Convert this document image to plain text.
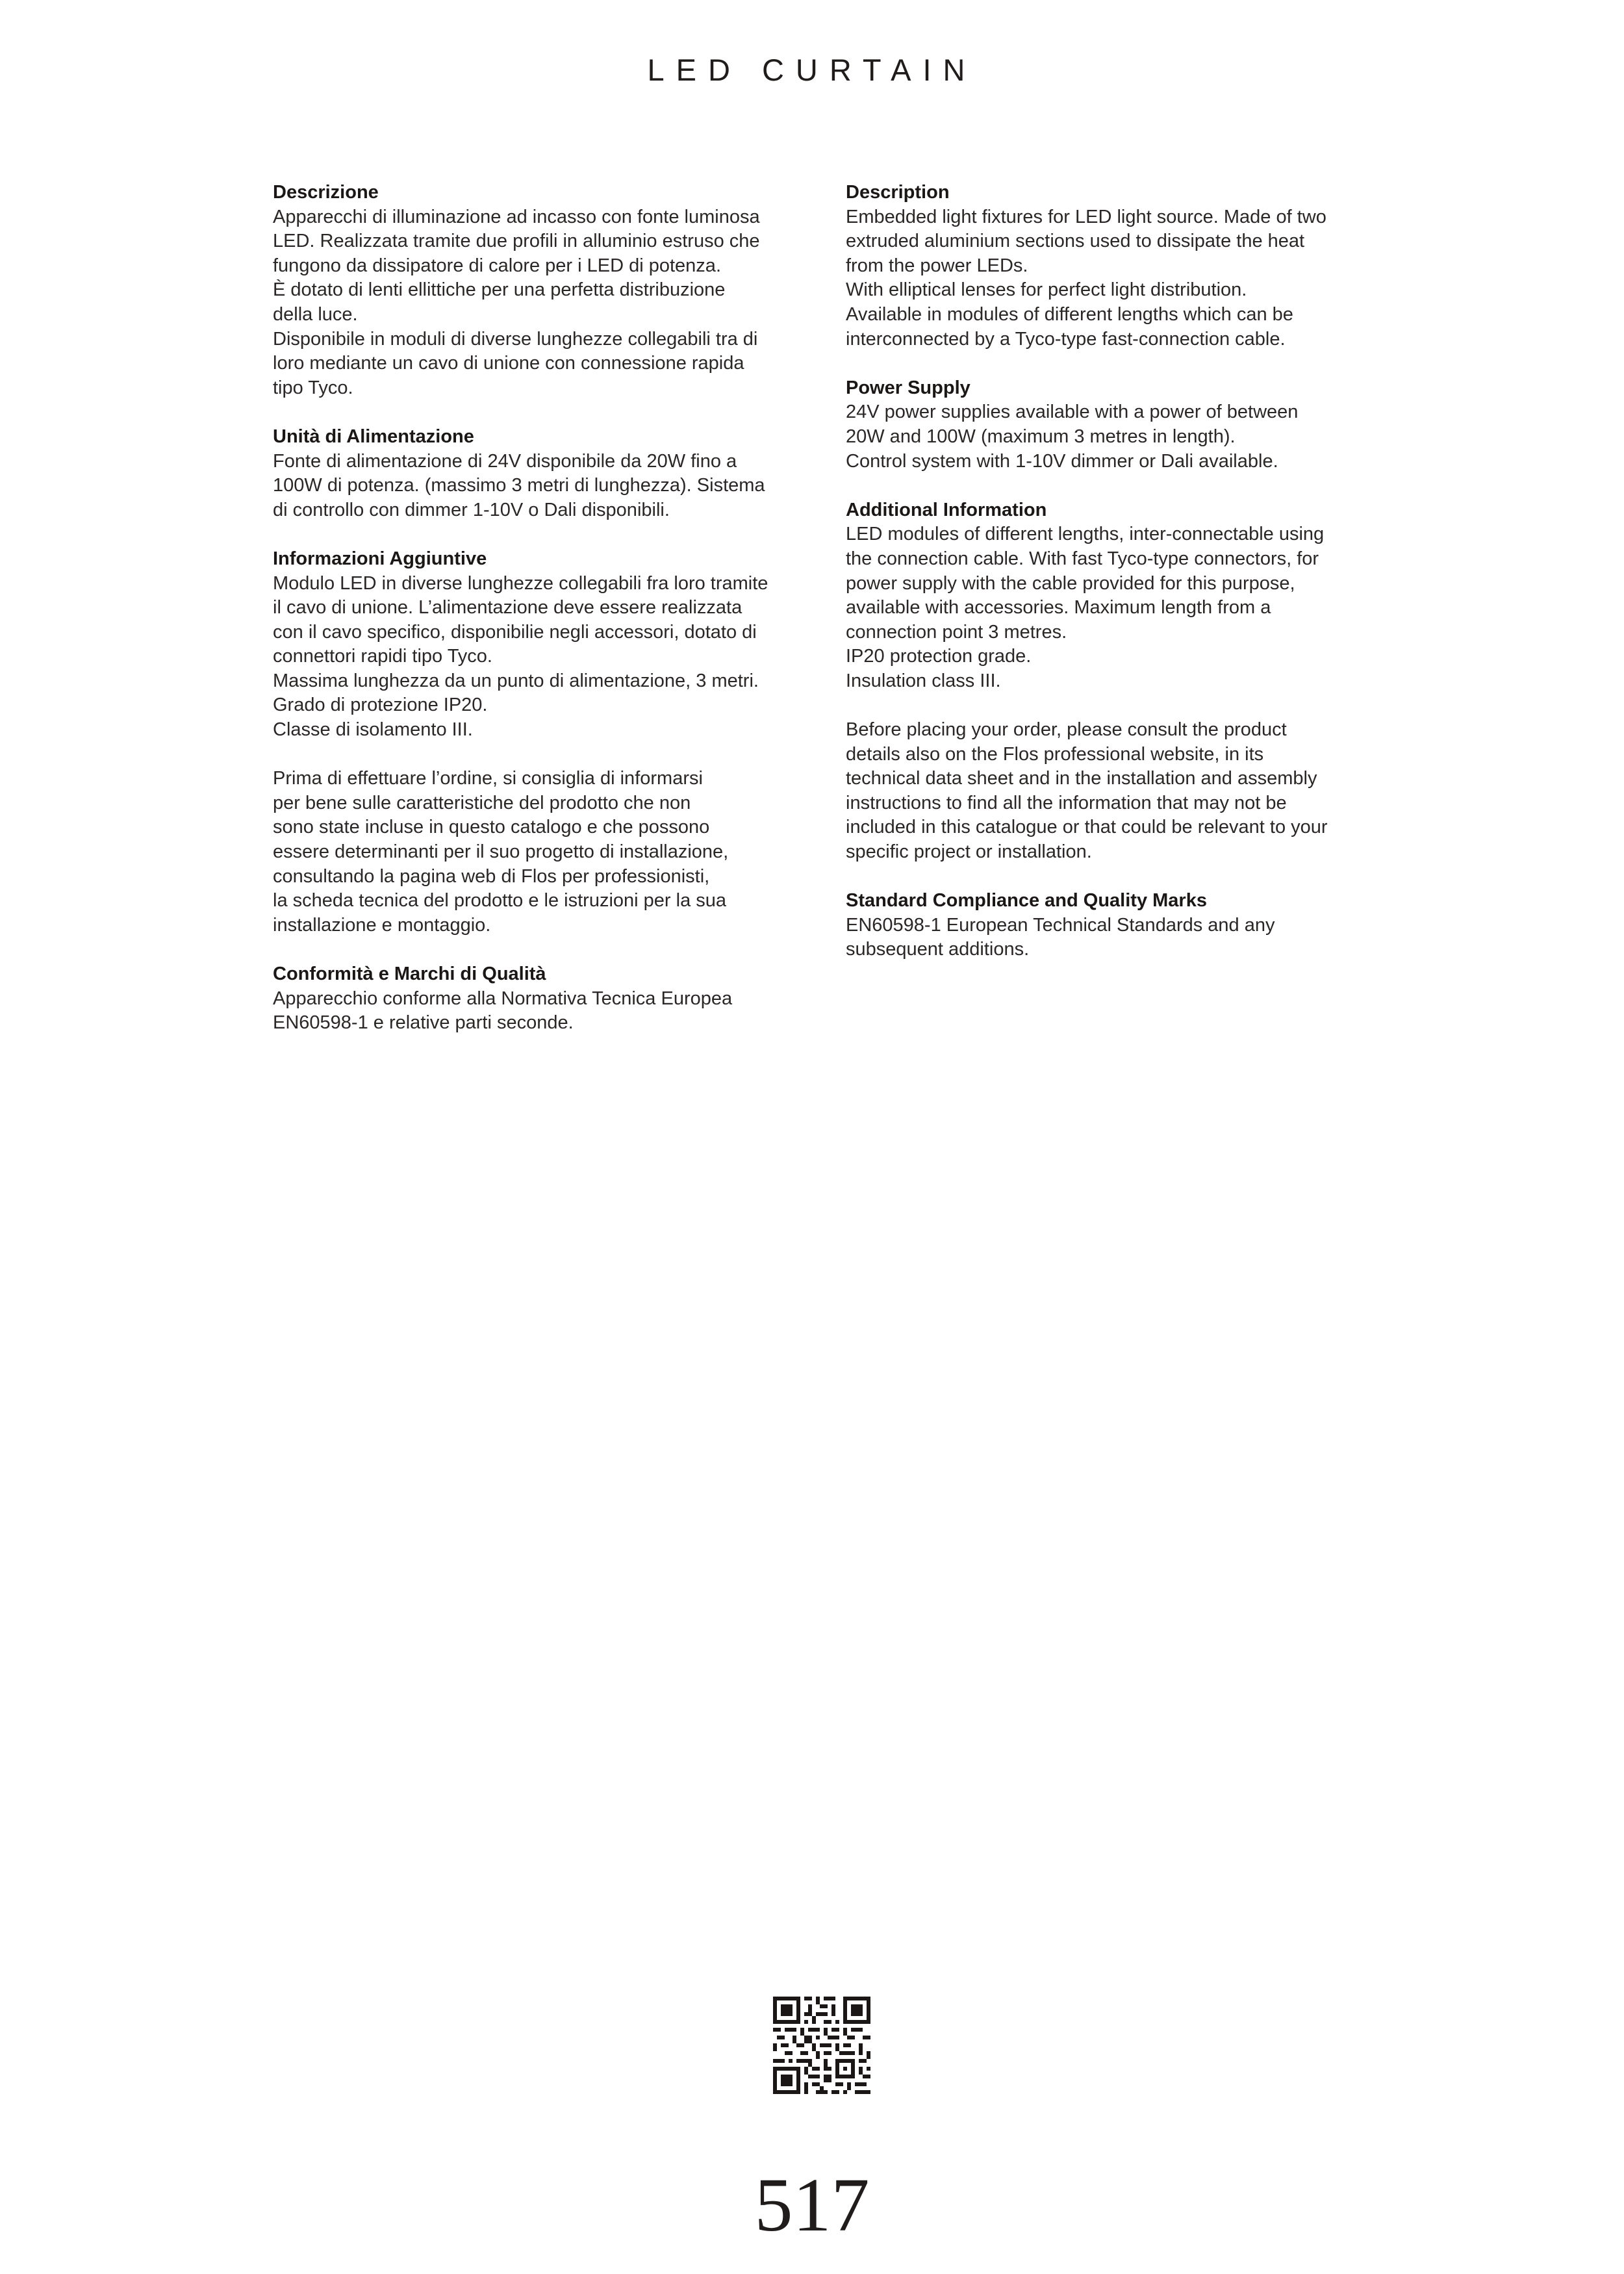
LED CURTAIN
Descrizione
Apparecchi di illuminazione ad incasso con fonte luminosa
LED. Realizzata tramite due profili in alluminio estruso che
fungono da dissipatore di calore per i LED di potenza.
È dotato di lenti ellittiche per una perfetta distribuzione
della luce.
Disponibile in moduli di diverse lunghezze collegabili tra di
loro mediante un cavo di unione con connessione rapida
tipo Tyco.
Unità di Alimentazione
Fonte di alimentazione di 24V disponibile da 20W fino a
100W di potenza. (massimo 3 metri di lunghezza). Sistema
di controllo con dimmer 1-10V o Dali disponibili.
Informazioni Aggiuntive
Modulo LED in diverse lunghezze collegabili fra loro tramite
il cavo di unione. L’alimentazione deve essere realizzata
con il cavo specifico, disponibilie negli accessori, dotato di
connettori rapidi tipo Tyco.
Massima lunghezza da un punto di alimentazione, 3 metri.
Grado di protezione IP20.
Classe di isolamento III.
Prima di effettuare l’ordine, si consiglia di informarsi
per bene sulle caratteristiche del prodotto che non
sono state incluse in questo catalogo e che possono
essere determinanti per il suo progetto di installazione,
consultando la pagina web di Flos per professionisti,
la scheda tecnica del prodotto e le istruzioni per la sua
installazione e montaggio.
Conformità e Marchi di Qualità
Apparecchio conforme alla Normativa Tecnica Europea
EN60598-1 e relative parti seconde.
Description
Embedded light fixtures for LED light source. Made of two
extruded aluminium sections used to dissipate the heat
from the power LEDs.
With elliptical lenses for perfect light distribution.
Available in modules of different lengths which can be
interconnected by a Tyco-type fast-connection cable.
Power Supply
24V power supplies available with a power of between
20W and 100W (maximum 3 metres in length).
Control system with 1-10V dimmer or Dali available.
Additional Information
LED modules of different lengths, inter-connectable using
the connection cable. With fast Tyco-type connectors, for
power supply with the cable provided for this purpose,
available with accessories. Maximum length from a
connection point 3 metres.
IP20 protection grade.
Insulation class III.
Before placing your order, please consult the product
details also on the Flos professional website, in its
technical data sheet and in the installation and assembly
instructions to find all the information that may not be
included in this catalogue or that could be relevant to your
specific project or installation.
Standard Compliance and Quality Marks
EN60598-1 European Technical Standards and any
subsequent additions.
517
